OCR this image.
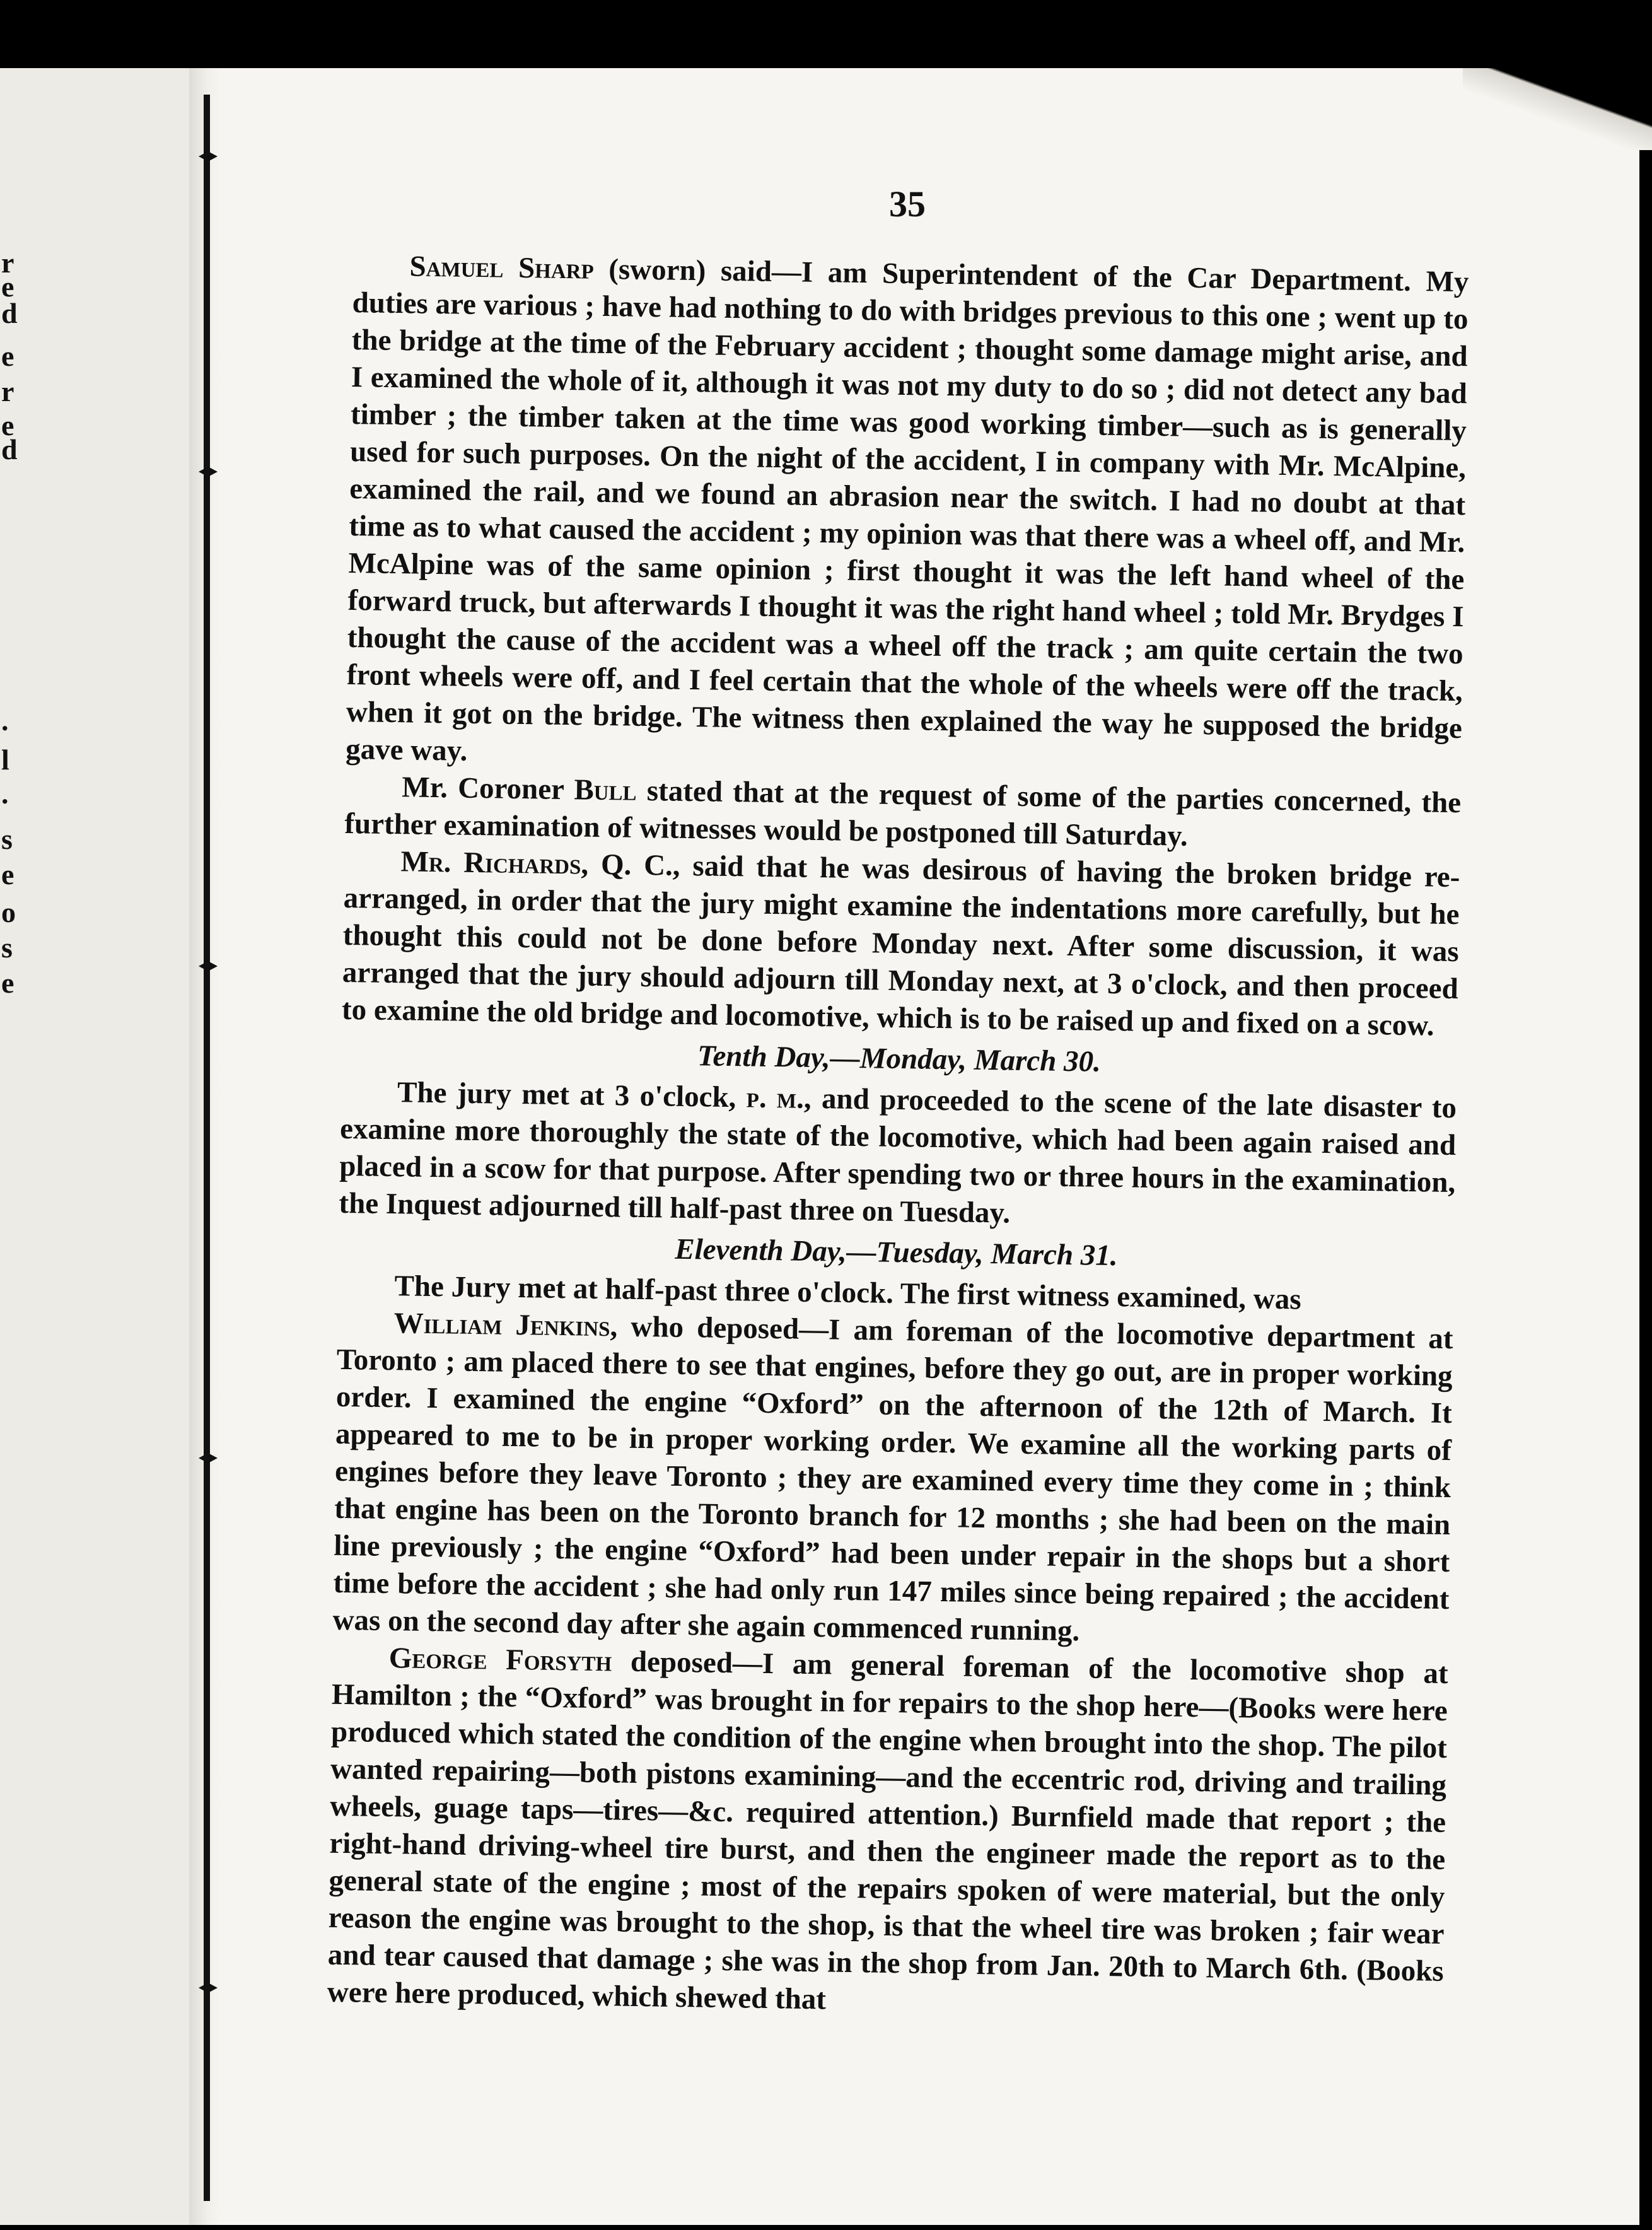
r
e
d
e
r
e
d
.
l
.
s
e
o
s
e
35

Samuel Sharp (sworn) said—I am Superintendent of the Car Department. My duties are various ; have had nothing to do with bridges previous to this one ; went up to the bridge at the time of the February accident ; thought some damage might arise, and I examined the whole of it, although it was not my duty to do so ; did not detect any bad timber ; the timber taken at the time was good working timber—such as is generally used for such purposes. On the night of the accident, I in company with Mr. McAlpine, examined the rail, and we found an abrasion near the switch. I had no doubt at that time as to what caused the accident ; my opinion was that there was a wheel off, and Mr. McAlpine was of the same opinion ; first thought it was the left hand wheel of the forward truck, but afterwards I thought it was the right hand wheel ; told Mr. Brydges I thought the cause of the accident was a wheel off the track ; am quite certain the two front wheels were off, and I feel certain that the whole of the wheels were off the track, when it got on the bridge. The witness then explained the way he supposed the bridge gave way.

Mr. Coroner Bull stated that at the request of some of the parties concerned, the further examination of witnesses would be postponed till Saturday.

Mr. Richards, Q. C., said that he was desirous of having the broken bridge re-arranged, in order that the jury might examine the indentations more carefully, but he thought this could not be done before Monday next. After some discussion, it was arranged that the jury should adjourn till Monday next, at 3 o'clock, and then proceed to examine the old bridge and locomotive, which is to be raised up and fixed on a scow.

Tenth Day,—Monday, March 30.

The jury met at 3 o'clock, p. m., and proceeded to the scene of the late disaster to examine more thoroughly the state of the locomotive, which had been again raised and placed in a scow for that purpose. After spending two or three hours in the examination, the Inquest adjourned till half-past three on Tuesday.

Eleventh Day,—Tuesday, March 31.

The Jury met at half-past three o'clock. The first witness examined, was

William Jenkins, who deposed—I am foreman of the locomotive department at Toronto ; am placed there to see that engines, before they go out, are in proper working order. I examined the engine “Oxford” on the afternoon of the 12th of March. It appeared to me to be in proper working order. We examine all the working parts of engines before they leave Toronto ; they are examined every time they come in ; think that engine has been on the Toronto branch for 12 months ; she had been on the main line previously ; the engine “Oxford” had been under repair in the shops but a short time before the accident ; she had only run 147 miles since being repaired ; the accident was on the second day after she again commenced running.

George Forsyth deposed—I am general foreman of the locomotive shop at Hamilton ; the “Oxford” was brought in for repairs to the shop here—(Books were here produced which stated the condition of the engine when brought into the shop. The pilot wanted repairing—both pistons examining—and the eccentric rod, driving and trailing wheels, guage taps—tires—&c. required attention.) Burnfield made that report ; the right-hand driving-wheel tire burst, and then the engineer made the report as to the general state of the engine ; most of the repairs spoken of were material, but the only reason the engine was brought to the shop, is that the wheel tire was broken ; fair wear and tear caused that damage ; she was in the shop from Jan. 20th to March 6th. (Books were here produced, which shewed that
